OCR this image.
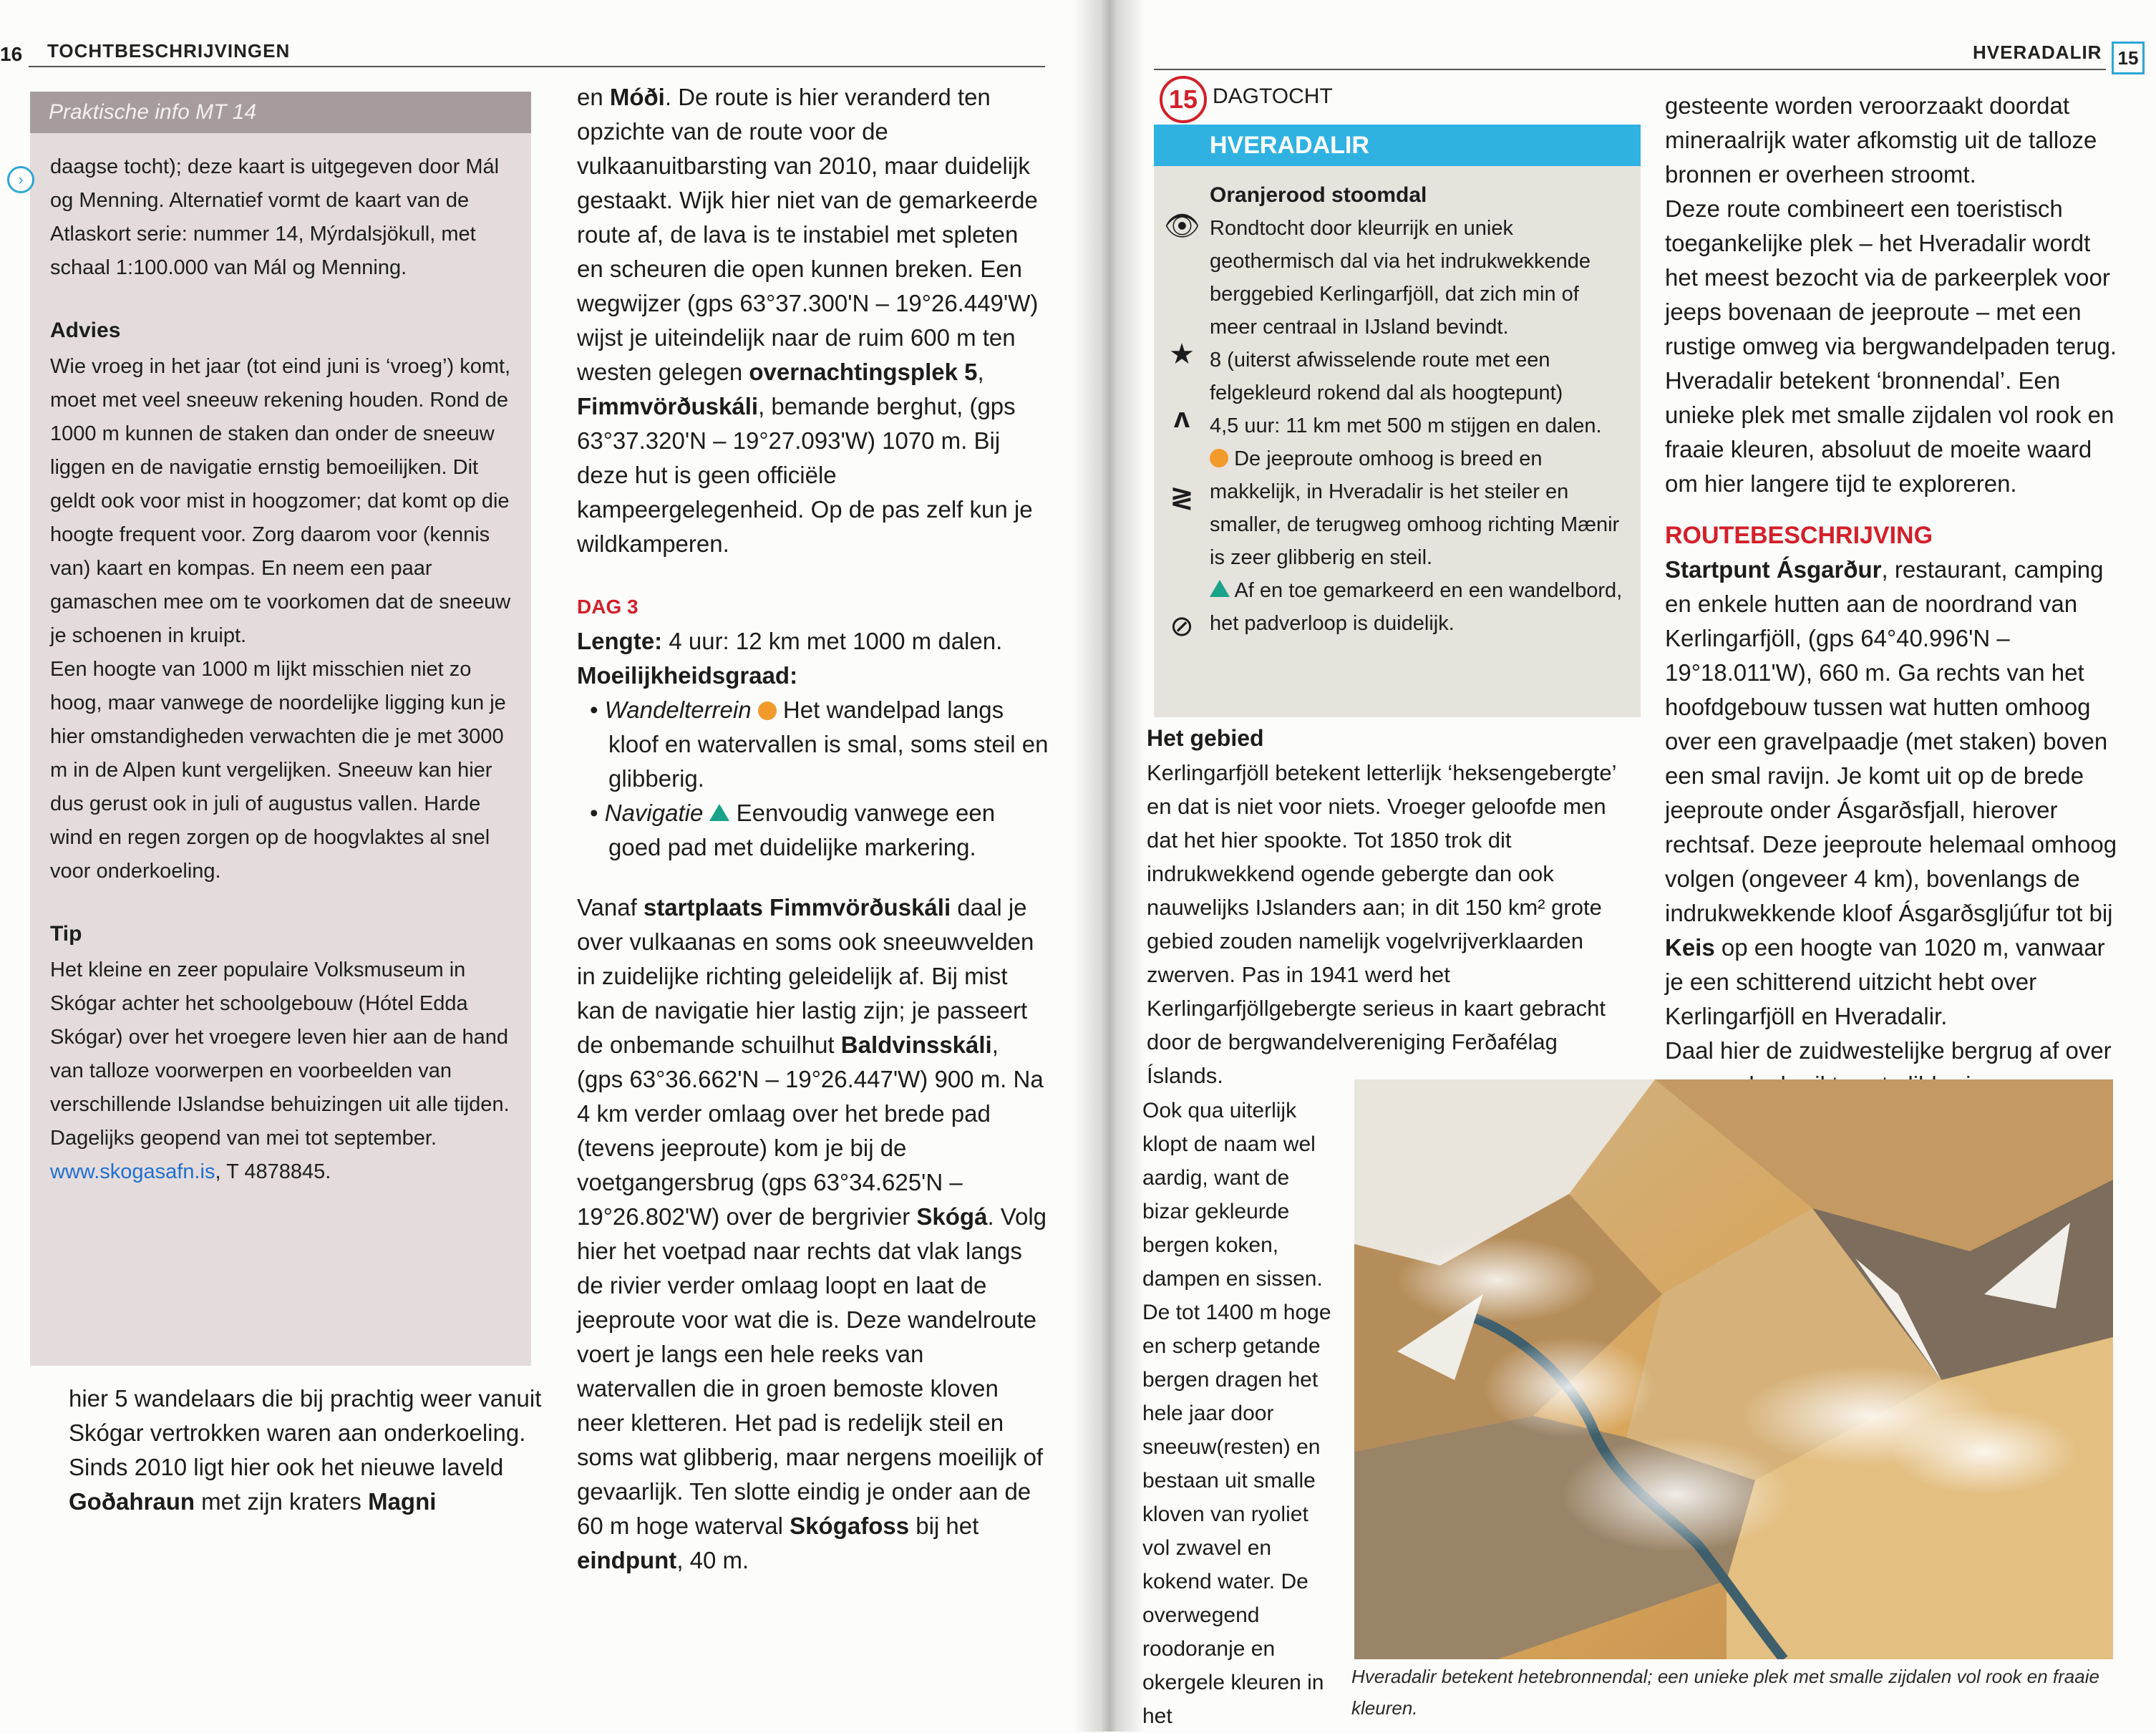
16 TOCHTBESCHRIJVINGEN
Praktische info MT 14

daagse tocht); deze kaart is uitgegeven door Mál og Menning. Alternatief vormt de kaart van de Atlaskort serie: nummer 14, Mýrdalsjökull, met schaal 1:100.000 van Mál og Menning.

Advies

Wie vroeg in het jaar (tot eind juni is ‘vroeg’) komt, moet met veel sneeuw rekening houden. Rond de 1000 m kunnen de staken dan onder de sneeuw liggen en de navigatie ernstig bemoeilijken. Dit geldt ook voor mist in hoogzomer; dat komt op die hoogte frequent voor. Zorg daarom voor (kennis van) kaart en kompas. En neem een paar gamaschen mee om te voorkomen dat de sneeuw je schoenen in kruipt.

Een hoogte van 1000 m lijkt misschien niet zo hoog, maar vanwege de noordelijke ligging kun je hier omstandigheden verwachten die je met 3000 m in de Alpen kunt vergelijken. Sneeuw kan hier dus gerust ook in juli of augustus vallen. Harde wind en regen zorgen op de hoogvlaktes al snel voor onderkoeling.

Tip

Het kleine en zeer populaire Volksmuseum in Skógar achter het schoolgebouw (Hótel Edda Skógar) over het vroegere leven hier aan de hand van talloze voorwerpen en voorbeelden van verschillende IJslandse behuizingen uit alle tijden. Dagelijks geopend van mei tot september. www.skogasafn.is, T 4878845.

›

hier 5 wandelaars die bij prachtig weer vanuit Skógar vertrokken waren aan onderkoeling. Sinds 2010 ligt hier ook het nieuwe laveld Goðahraun met zijn kraters Magni

en Móði. De route is hier veranderd ten opzichte van de route voor de vulkaanuitbarsting van 2010, maar duidelijk gestaakt. Wijk hier niet van de gemarkeerde route af, de lava is te instabiel met spleten en scheuren die open kunnen breken. Een wegwijzer (gps 63°37.300'N – 19°26.449'W) wijst je uiteindelijk naar de ruim 600 m ten westen gelegen overnachtingsplek 5, Fimmvörðuskáli, bemande berghut, (gps 63°37.320'N – 19°27.093'W) 1070 m. Bij deze hut is geen officiële kampeergelegenheid. Op de pas zelf kun je wildkamperen.

DAG 3

Lengte: 4 uur: 12 km met 1000 m dalen.

Moeilijkheidsgraad:

• Wandelterrein  Het wandelpad langs kloof en watervallen is smal, soms steil en glibberig.

• Navigatie  Eenvoudig vanwege een goed pad met duidelijke markering.

Vanaf startplaats Fimmvörðuskáli daal je over vulkaanas en soms ook sneeuwvelden in zuidelijke richting geleidelijk af. Bij mist kan de navigatie hier lastig zijn; je passeert de onbemande schuilhut Baldvinsskáli, (gps 63°36.662'N – 19°26.447'W) 900 m. Na 4 km verder omlaag over het brede pad (tevens jeeproute) kom je bij de voetgangersbrug (gps 63°34.625'N – 19°26.802'W) over de bergrivier Skógá. Volg hier het voetpad naar rechts dat vlak langs de rivier verder omlaag loopt en laat de jeeproute voor wat die is. Deze wandelroute voert je langs een hele reeks van watervallen die in groen bemoste kloven neer kletteren. Het pad is redelijk steil en soms wat glibberig, maar nergens moeilijk of gevaarlijk. Ten slotte eindig je onder aan de 60 m hoge waterval Skógafoss bij het eindpunt, 40 m.

HVERADALIR 15
15 DAGTOCHT
HVERADALIR
👁
★
ʌ
≷
⊘

Oranjerood stoomdal

Rondtocht door kleurrijk en uniek geothermisch dal via het indrukwekkende berggebied Kerlingarfjöll, dat zich min of meer centraal in IJsland bevindt.

8 (uiterst afwisselende route met een felgekleurd rokend dal als hoogtepunt)

4,5 uur: 11 km met 500 m stijgen en dalen.

De jeeproute omhoog is breed en makkelijk, in Hveradalir is het steiler en smaller, de terugweg omhoog richting Mænir is zeer glibberig en steil.

Af en toe gemarkeerd en een wandelbord, het padverloop is duidelijk.

Het gebied

Kerlingarfjöll betekent letterlijk ‘heksengebergte’ en dat is niet voor niets. Vroeger geloofde men dat het hier spookte. Tot 1850 trok dit indrukwekkend ogende gebergte dan ook nauwelijks IJslanders aan; in dit 150 km² grote gebied zouden namelijk vogelvrijverklaarden zwerven. Pas in 1941 werd het Kerlingarfjöllgebergte serieus in kaart gebracht door de bergwandelvereniging Ferðafélag Íslands.

Ook qua uiterlijk klopt de naam wel aardig, want de bizar gekleurde bergen koken, dampen en sissen. De tot 1400 m hoge en scherp getande bergen dragen het hele jaar door sneeuw(resten) en bestaan uit smalle kloven van ryoliet vol zwavel en kokend water. De overwegend roodoranje en okergele kleuren in het

gesteente worden veroorzaakt doordat mineraalrijk water afkomstig uit de talloze bronnen er overheen stroomt.

Deze route combineert een toeristisch toegankelijke plek – het Hveradalir wordt het meest bezocht via de parkeerplek voor jeeps bovenaan de jeeproute – met een rustige omweg via bergwandelpaden terug. Hveradalir betekent ‘bronnendal’. Een unieke plek met smalle zijdalen vol rook en fraaie kleuren, absoluut de moeite waard om hier langere tijd te exploreren.

ROUTEBESCHRIJVING

Startpunt Ásgarður, restaurant, camping en enkele hutten aan de noordrand van Kerlingarfjöll, (gps 64°40.996'N – 19°18.011'W), 660 m. Ga rechts van het hoofdgebouw tussen wat hutten omhoog over een gravelpaadje (met staken) boven een smal ravijn. Je komt uit op de brede jeeproute onder Ásgarðsfjall, hierover rechtsaf. Deze jeeproute helemaal omhoog volgen (ongeveer 4 km), bovenlangs de indrukwekkende kloof Ásgarðsgljúfur tot bij Keis op een hoogte van 1020 m, vanwaar je een schitterend uitzicht hebt over Kerlingarfjöll en Hveradalir.

Daal hier de zuidwestelijke bergrug af over

Hveradalir betekent hetebronnendal; een unieke plek met smalle zijdalen vol rook en fraaie kleuren.
